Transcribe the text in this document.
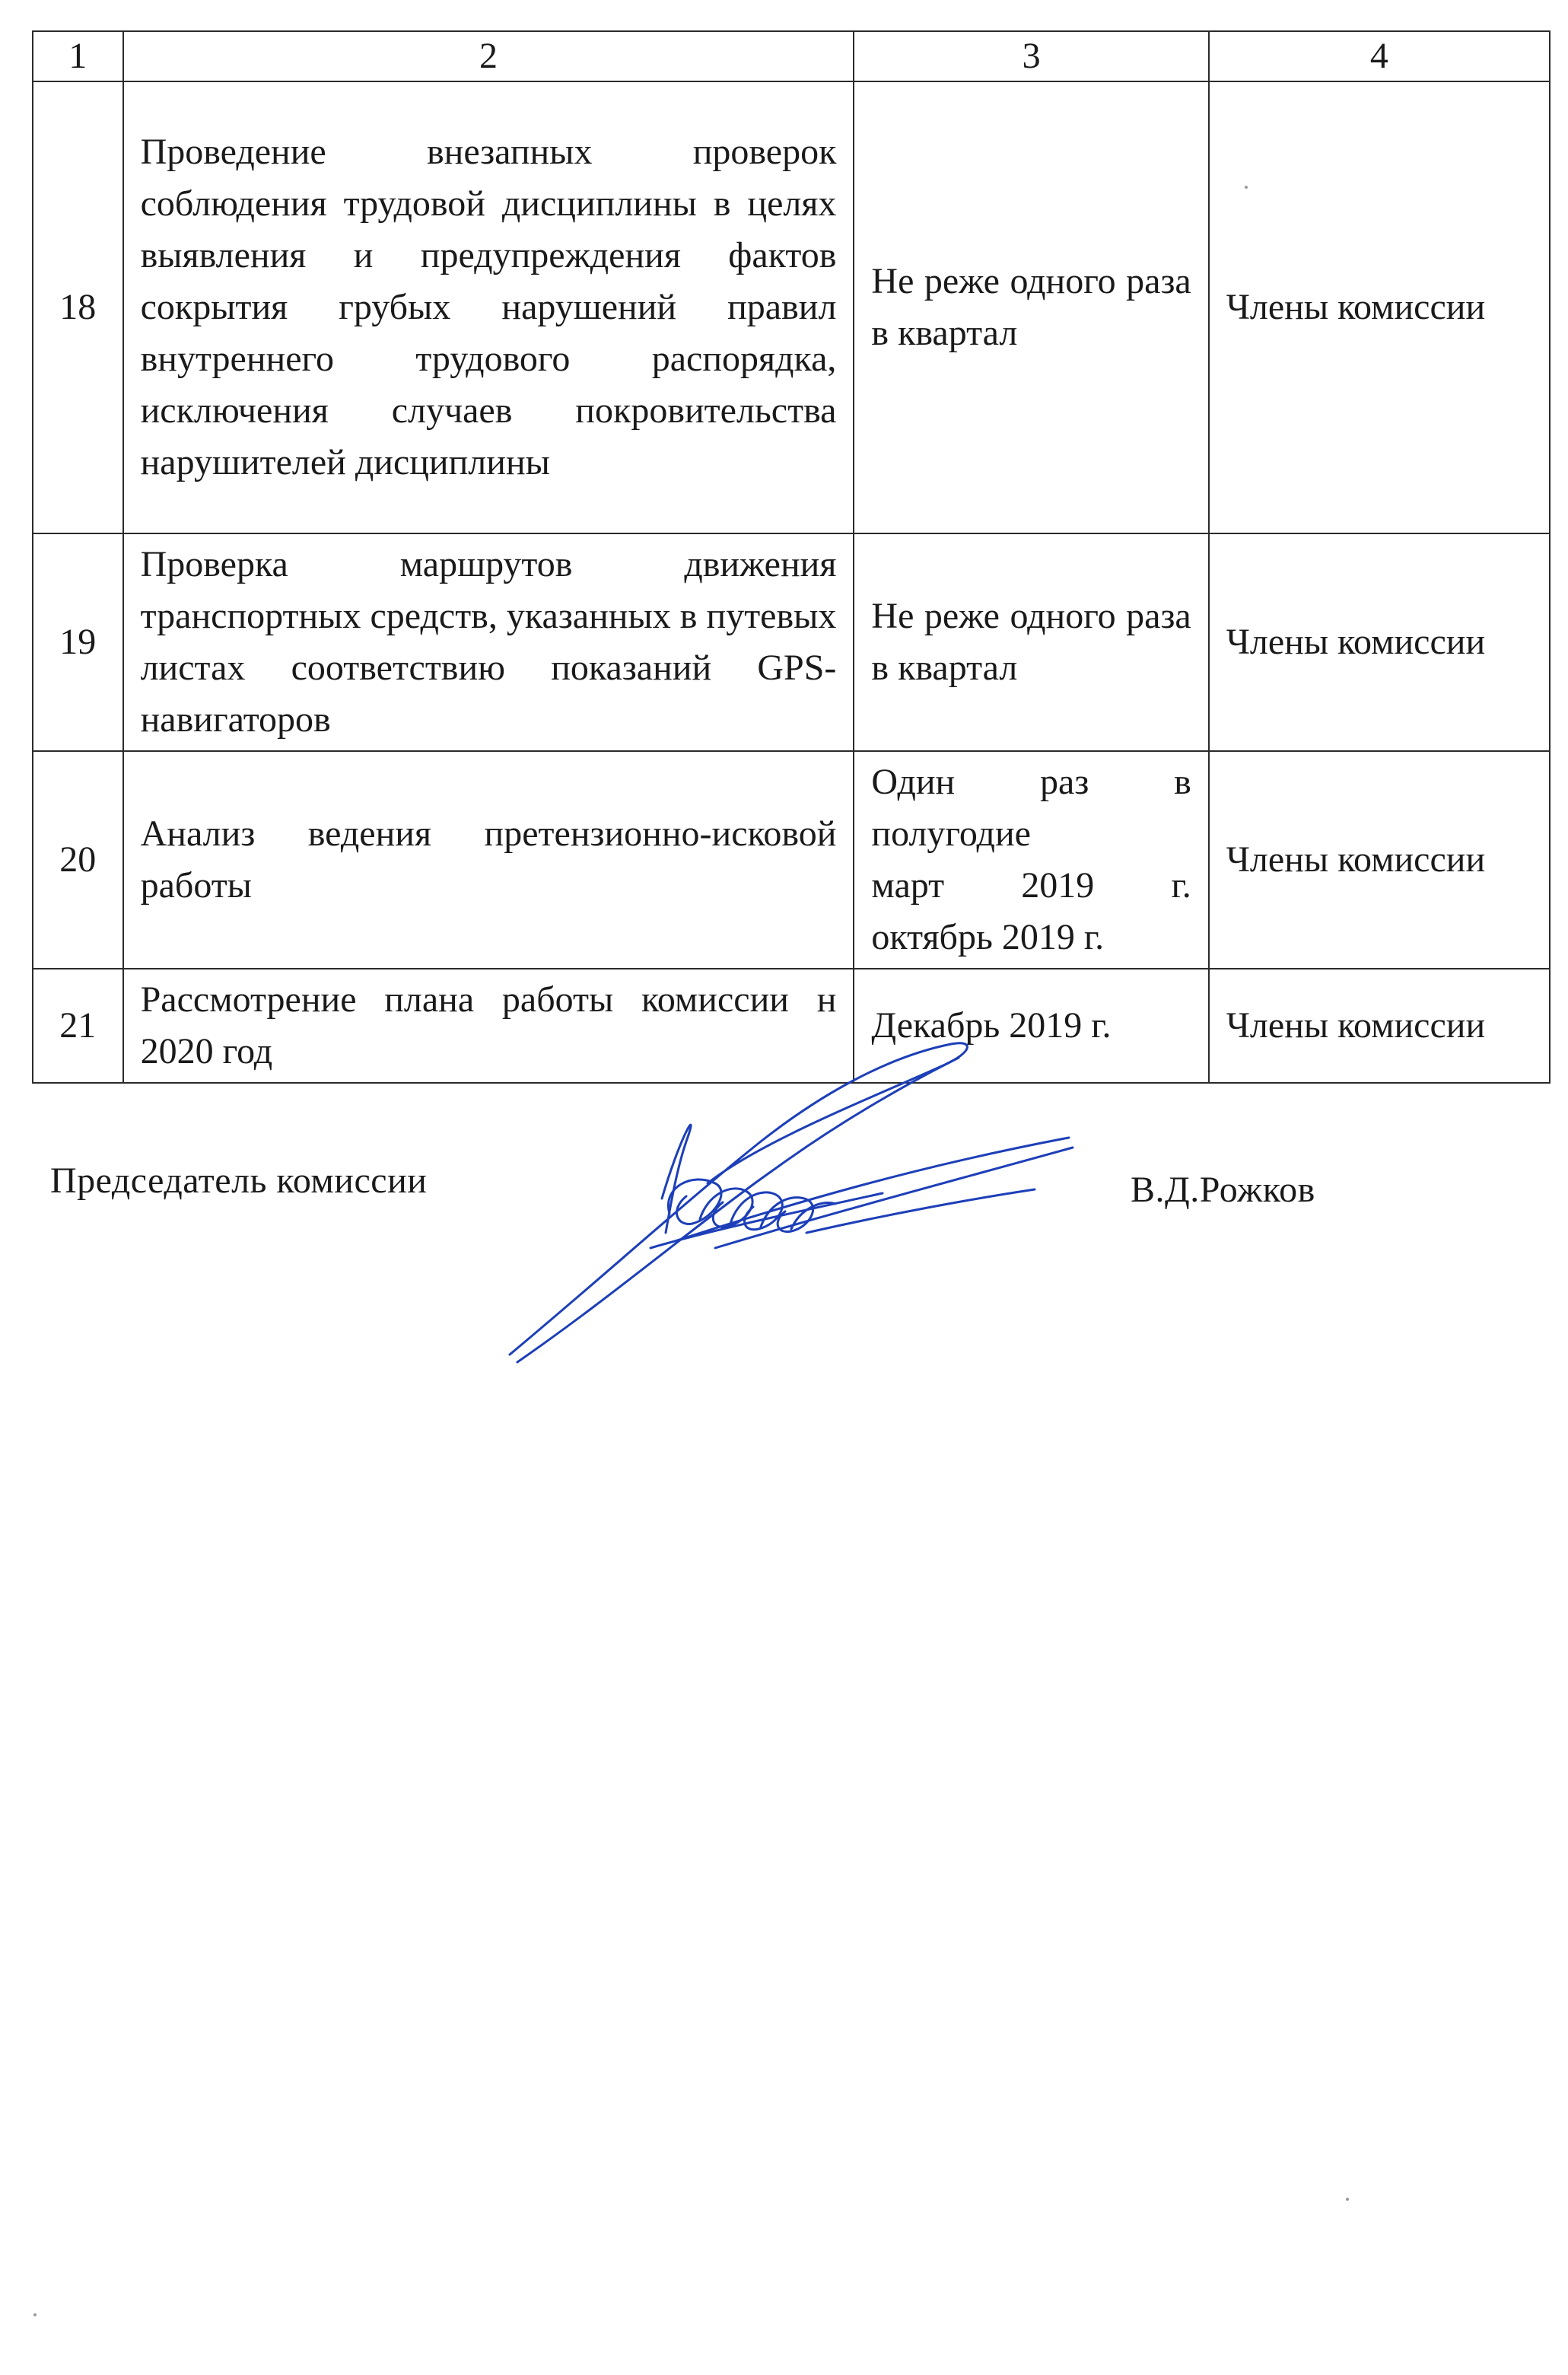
1	2	3	4
18	Проведение внезапных проверок соблюдения трудовой дисциплины в целях выявления и предупреждения фактов сокрытия грубых нарушений правил внутреннего трудового распорядка, исключения случаев покровительства нарушителей дисциплины	Не реже одного раза в квартал	Члены комиссии
19	Проверка маршрутов движения транспортных средств, указанных в путевых листах соответствию показаний GPS-навигаторов	Не реже одного раза в квартал	Члены комиссии
20	Анализ ведения претензионно-исковой работы	Один раз в
полугодие
март 2019 г.
октябрь 2019 г.	Члены комиссии
21	Рассмотрение плана работы комиссии н 2020 год	Декабрь 2019 г.	Члены комиссии
Председатель комиссии	В.Д.Рожков
